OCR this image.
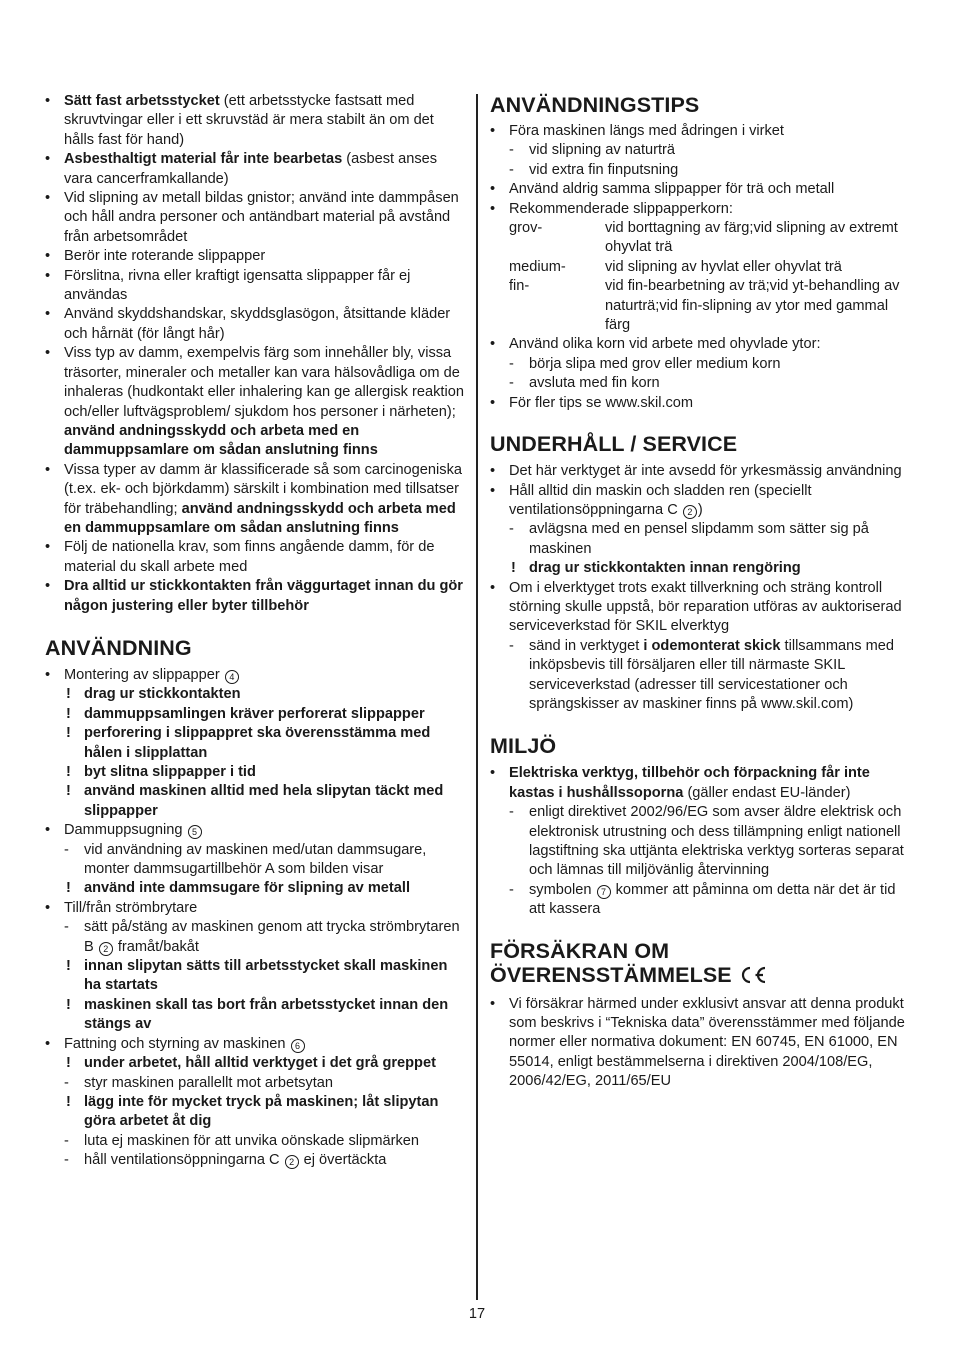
• Sätt fast arbetsstycket (ett arbetsstycke fastsatt med skruvtvingar eller i ett skruvstäd är mera stabilt än om det hålls fast för hand)
• Asbesthaltigt material får inte bearbetas (asbest anses vara cancerframkallande)
• Vid slipning av metall bildas gnistor; använd inte dammpåsen och håll andra personer och antändbart material på avstånd från arbetsområdet
• Berör inte roterande slippapper
• Förslitna, rivna eller kraftigt igensatta slippapper får ej användas
• Använd skyddshandskar, skyddsglasögon, åtsittande kläder och hårnät (för långt hår)
• Viss typ av damm, exempelvis färg som innehåller bly, vissa träsorter, mineraler och metaller kan vara hälsovådliga om de inhaleras (hudkontakt eller inhalering kan ge allergisk reaktion och/eller luftvägsproblem/ sjukdom hos personer i närheten); använd andningsskydd och arbeta med en dammuppsamlare om sådan anslutning finns
• Vissa typer av damm är klassificerade så som carcinogeniska (t.ex. ek- och björkdamm) särskilt i kombination med tillsatser för träbehandling; använd andningsskydd och arbeta med en dammuppsamlare om sådan anslutning finns
• Följ de nationella krav, som finns angående damm, för de material du skall arbete med
• Dra alltid ur stickkontakten från väggurtaget innan du gör någon justering eller byter tillbehör
ANVÄNDNING
• Montering av slippapper 4
! drag ur stickkontakten
! dammuppsamlingen kräver perforerat slippapper
! perforering i slippappret ska överensstämma med hålen i slipplattan
! byt slitna slippapper i tid
! använd maskinen alltid med hela slipytan täckt med slippapper
• Dammuppsugning 5
- vid användning av maskinen med/utan dammsugare, monter dammsugartillbehör A som bilden visar
! använd inte dammsugare för slipning av metall
• Till/från strömbrytare
- sätt på/stäng av maskinen genom att trycka strömbrytaren B 2 framåt/bakåt
! innan slipytan sätts till arbetsstycket skall maskinen ha startats
! maskinen skall tas bort från arbetsstycket innan den stängs av
• Fattning och styrning av maskinen 6
! under arbetet, håll alltid verktyget i det grå greppet
- styr maskinen parallellt mot arbetsytan
! lägg inte för mycket tryck på maskinen; låt slipytan göra arbetet åt dig
- luta ej maskinen för att unvika oönskade slipmärken
- håll ventilationsöppningarna C 2 ej övertäckta
ANVÄNDNINGSTIPS
• Föra maskinen längs med ådringen i virket
- vid slipning av naturträ
- vid extra fin finputsning
• Använd aldrig samma slippapper för trä och metall
• Rekommenderade slippapperkorn:
grov-	vid borttagning av färg;vid slipning av extremt ohyvlat trä
medium-	vid slipning av hyvlat eller ohyvlat trä
fin-	vid fin-bearbetning av trä;vid yt-behandling av naturträ;vid fin-slipning av ytor med gammal färg
• Använd olika korn vid arbete med ohyvlade ytor:
- börja slipa med grov eller medium korn
- avsluta med fin korn
• För fler tips se www.skil.com
UNDERHÅLL / SERVICE
• Det här verktyget är inte avsedd för yrkesmässig användning
• Håll alltid din maskin och sladden ren (speciellt ventilationsöppningarna C 2 )
- avlägsna med en pensel slipdamm som sätter sig på maskinen
! drag ur stickkontakten innan rengöring
• Om i elverktyget trots exakt tillverkning och sträng kontroll störning skulle uppstå, bör reparation utföras av auktoriserad serviceverkstad för SKIL elverktyg
- sänd in verktyget i odemonterat skick tillsammans med inköpsbevis till försäljaren eller till närmaste SKIL serviceverkstad (adresser till servicestationer och sprängskisser av maskiner finns på www.skil.com)
MILJÖ
• Elektriska verktyg, tillbehör och förpackning får inte kastas i hushållssoporna (gäller endast EU-länder)
- enligt direktivet 2002/96/EG som avser äldre elektrisk och elektronisk utrustning och dess tillämpning enligt nationell lagstiftning ska uttjänta elektriska verktyg sorteras separat och lämnas till miljövänlig återvinning
- symbolen 7 kommer att påminna om detta när det är tid att kassera
FÖRSÄKRAN OM
ÖVERENSSTÄMMELSE
• Vi försäkrar härmed under exklusivt ansvar att denna produkt som beskrivs i “Tekniska data” överensstämmer med följande normer eller normativa dokument: EN 60745, EN 61000, EN 55014, enligt bestämmelserna i direktiven 2004/108/EG, 2006/42/EG, 2011/65/EU
17
